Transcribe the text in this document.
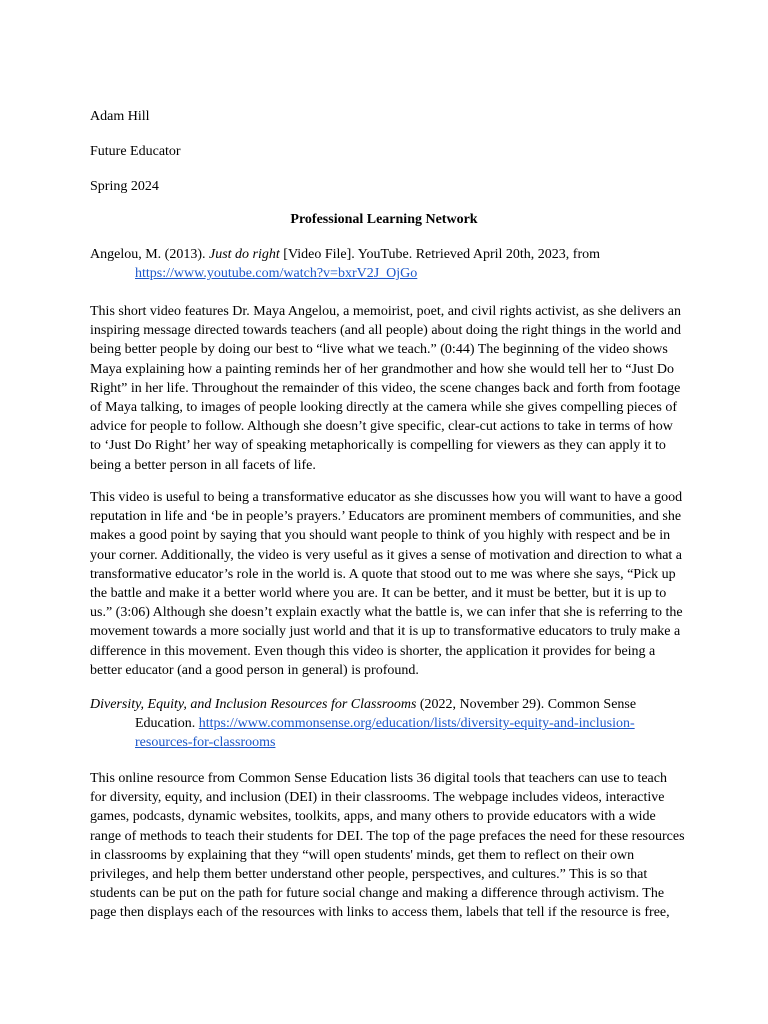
Adam Hill

Future Educator

Spring 2024

Professional Learning Network

Angelou, M. (2013). Just do right [Video File]. YouTube. Retrieved April 20th, 2023, from
https://www.youtube.com/watch?v=bxrV2J_OjGo
This short video features Dr. Maya Angelou, a memoirist, poet, and civil rights activist, as she delivers an
inspiring message directed towards teachers (and all people) about doing the right things in the world and
being better people by doing our best to “live what we teach.” (0:44) The beginning of the video shows
Maya explaining how a painting reminds her of her grandmother and how she would tell her to “Just Do
Right” in her life. Throughout the remainder of this video, the scene changes back and forth from footage
of Maya talking, to images of people looking directly at the camera while she gives compelling pieces of
advice for people to follow. Although she doesn’t give specific, clear-cut actions to take in terms of how
to ‘Just Do Right’ her way of speaking metaphorically is compelling for viewers as they can apply it to
being a better person in all facets of life.
This video is useful to being a transformative educator as she discusses how you will want to have a good
reputation in life and ‘be in people’s prayers.’ Educators are prominent members of communities, and she
makes a good point by saying that you should want people to think of you highly with respect and be in
your corner. Additionally, the video is very useful as it gives a sense of motivation and direction to what a
transformative educator’s role in the world is. A quote that stood out to me was where she says, “Pick up
the battle and make it a better world where you are. It can be better, and it must be better, but it is up to
us.” (3:06) Although she doesn’t explain exactly what the battle is, we can infer that she is referring to the
movement towards a more socially just world and that it is up to transformative educators to truly make a
difference in this movement. Even though this video is shorter, the application it provides for being a
better educator (and a good person in general) is profound.
Diversity, Equity, and Inclusion Resources for Classrooms (2022, November 29). Common Sense
Education. https://www.commonsense.org/education/lists/diversity-equity-and-inclusion-
resources-for-classrooms
This online resource from Common Sense Education lists 36 digital tools that teachers can use to teach
for diversity, equity, and inclusion (DEI) in their classrooms. The webpage includes videos, interactive
games, podcasts, dynamic websites, toolkits, apps, and many others to provide educators with a wide
range of methods to teach their students for DEI. The top of the page prefaces the need for these resources
in classrooms by explaining that they “will open students' minds, get them to reflect on their own
privileges, and help them better understand other people, perspectives, and cultures.” This is so that
students can be put on the path for future social change and making a difference through activism. The
page then displays each of the resources with links to access them, labels that tell if the resource is free,
